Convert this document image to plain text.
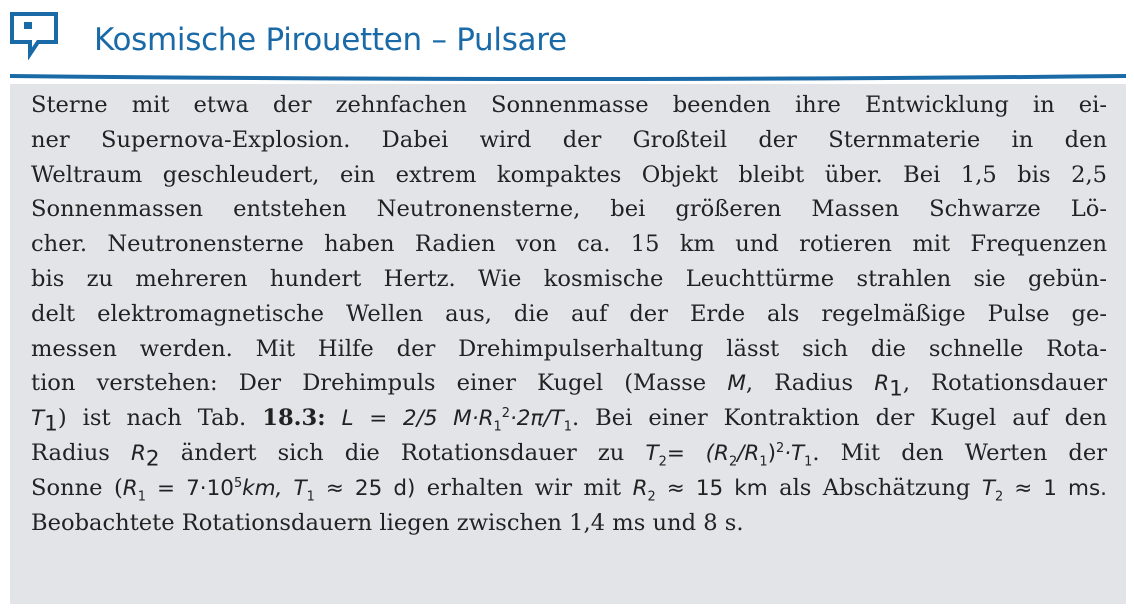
Kosmische Pirouetten – Pulsare
Sterne mit etwa der zehnfachen Sonnenmasse beenden ihre Entwicklung in ei-
ner Supernova-Explosion. Dabei wird der Großteil der Sternmaterie in den
Weltraum geschleudert, ein extrem kompaktes Objekt bleibt über. Bei 1,5 bis 2,5
Sonnenmassen entstehen Neutronensterne, bei größeren Massen Schwarze Lö-
cher. Neutronensterne haben Radien von ca. 15 km und rotieren mit Frequenzen
bis zu mehreren hundert Hertz. Wie kosmische Leuchttürme strahlen sie gebün-
delt elektromagnetische Wellen aus, die auf der Erde als regelmäßige Pulse ge-
messen werden. Mit Hilfe der Drehimpulserhaltung lässt sich die schnelle Rota-
tion verstehen: Der Drehimpuls einer Kugel (Masse M, Radius $R_1$, Rotationsdauer
$T_1$) ist nach Tab. 18.3: L = 2/5 $M\cdot R_1^2\cdot 2\pi/T_1$. Bei einer Kontraktion der Kugel auf den
Radius $R_2$ ändert sich die Rotationsdauer zu $T_2= (R_2/R_1)^2\cdot T_1$. Mit den Werten der
Sonne ($R_1 = 7\cdot 10^5km$, $T_1 \approx 25$ d) erhalten wir mit $R_2 \approx 15$ km als Abschätzung $T_2 \approx 1$ ms.
Beobachtete Rotationsdauern liegen zwischen 1,4 ms und 8 s.
